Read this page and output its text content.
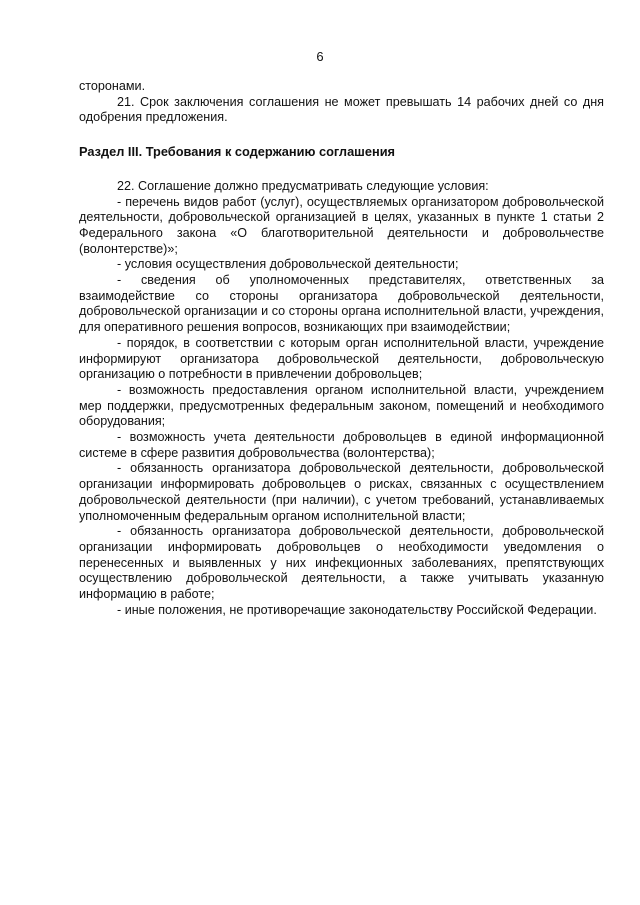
6

сторонами.

21. Срок заключения соглашения не может превышать 14 рабочих дней со дня одобрения предложения.

Раздел III. Требования к содержанию соглашения

22. Соглашение должно предусматривать следующие условия:

- перечень видов работ (услуг), осуществляемых организатором добровольческой деятельности, добровольческой организацией в целях, указанных в пункте 1 статьи 2 Федерального закона «О благотворительной деятельности и добровольчестве (волонтерстве)»;

- условия осуществления добровольческой деятельности;

- сведения об уполномоченных представителях, ответственных за взаимодействие со стороны организатора добровольческой деятельности, добровольческой организации и со стороны органа исполнительной власти, учреждения, для оперативного решения вопросов, возникающих при взаимодействии;

- порядок, в соответствии с которым орган исполнительной власти, учреждение информируют организатора добровольческой деятельности, добровольческую организацию о потребности в привлечении добровольцев;

- возможность предоставления органом исполнительной власти, учреждением мер поддержки, предусмотренных федеральным законом, помещений и необходимого оборудования;

- возможность учета деятельности добровольцев в единой информационной системе в сфере развития добровольчества (волонтерства);

- обязанность организатора добровольческой деятельности, добровольческой организации информировать добровольцев о рисках, связанных с осуществлением добровольческой деятельности (при наличии), с учетом требований, устанавливаемых уполномоченным федеральным органом исполнительной власти;

- обязанность организатора добровольческой деятельности, добровольческой организации информировать добровольцев о необходимости уведомления о перенесенных и выявленных у них инфекционных заболеваниях, препятствующих осуществлению добровольческой деятельности, а также учитывать указанную информацию в работе;

- иные положения, не противоречащие законодательству Российской Федерации.
